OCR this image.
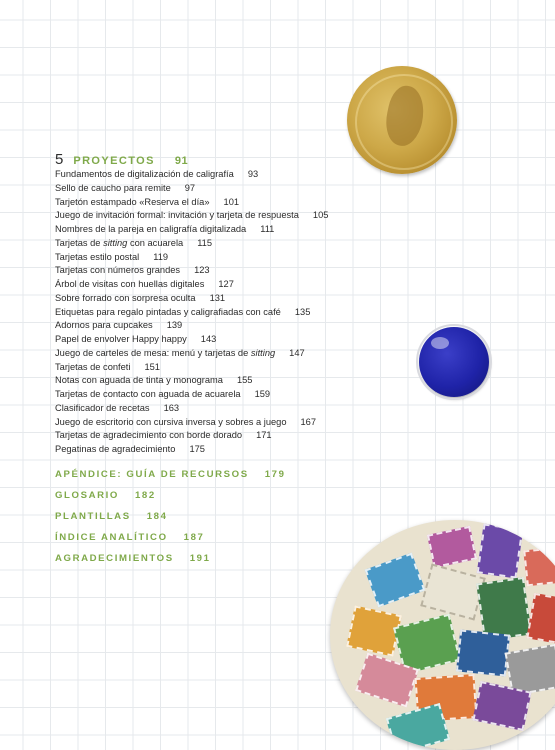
5 PROYECTOS 91
Fundamentos de digitalización de caligrafía 93
Sello de caucho para remite 97
Tarjetón estampado «Reserva el día» 101
Juego de invitación formal: invitación y tarjeta de respuesta 105
Nombres de la pareja en caligrafía digitalizada 111
Tarjetas de sitting con acuarela 115
Tarjetas estilo postal 119
Tarjetas con números grandes 123
Árbol de visitas con huellas digitales 127
Sobre forrado con sorpresa oculta 131
Etiquetas para regalo pintadas y caligrafiadas con café 135
Adornos para cupcakes 139
Papel de envolver Happy happy 143
Juego de carteles de mesa: menú y tarjetas de sitting 147
Tarjetas de confeti 151
Notas con aguada de tinta y monograma 155
Tarjetas de contacto con aguada de acuarela 159
Clasificador de recetas 163
Juego de escritorio con cursiva inversa y sobres a juego 167
Tarjetas de agradecimiento con borde dorado 171
Pegatinas de agradecimiento 175
APÉNDICE: GUÍA DE RECURSOS 179
GLOSARIO 182
PLANTILLAS 184
ÍNDICE ANALÍTICO 187
AGRADECIMIENTOS 191
